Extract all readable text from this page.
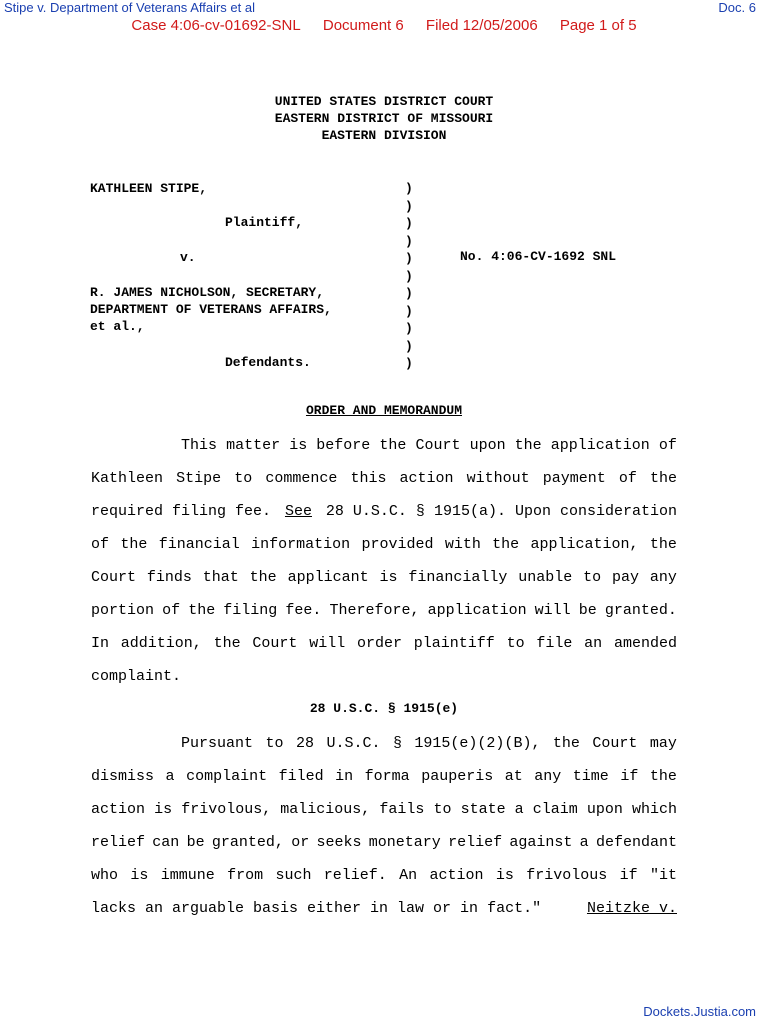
Stipe v. Department of Veterans Affairs et al	Doc. 6
Case 4:06-cv-01692-SNL Document 6 Filed 12/05/2006 Page 1 of 5
UNITED STATES DISTRICT COURT
EASTERN DISTRICT OF MISSOURI
EASTERN DIVISION
KATHLEEN STIPE,
Plaintiff,
v.
R. JAMES NICHOLSON, SECRETARY,
DEPARTMENT OF VETERANS AFFAIRS,
et al.,
Defendants.
)
)
)
)
)
)
)
)
)
)
)
No. 4:06-CV-1692 SNL
ORDER AND MEMORANDUM
This matter is before the Court upon the application of
Kathleen Stipe to commence this action without payment of the
required filing fee. See 28 U.S.C. § 1915(a). Upon consideration
of the financial information provided with the application, the
Court finds that the applicant is financially unable to pay any
portion of the filing fee. Therefore, application will be granted.
In addition, the Court will order plaintiff to file an amended
complaint.
28 U.S.C. § 1915(e)
Pursuant to 28 U.S.C. § 1915(e)(2)(B), the Court may
dismiss a complaint filed in forma pauperis at any time if the
action is frivolous, malicious, fails to state a claim upon which
relief can be granted, or seeks monetary relief against a defendant
who is immune from such relief. An action is frivolous if "it
lacks an arguable basis either in law or in fact."	Neitzke v.
Dockets.Justia.com
